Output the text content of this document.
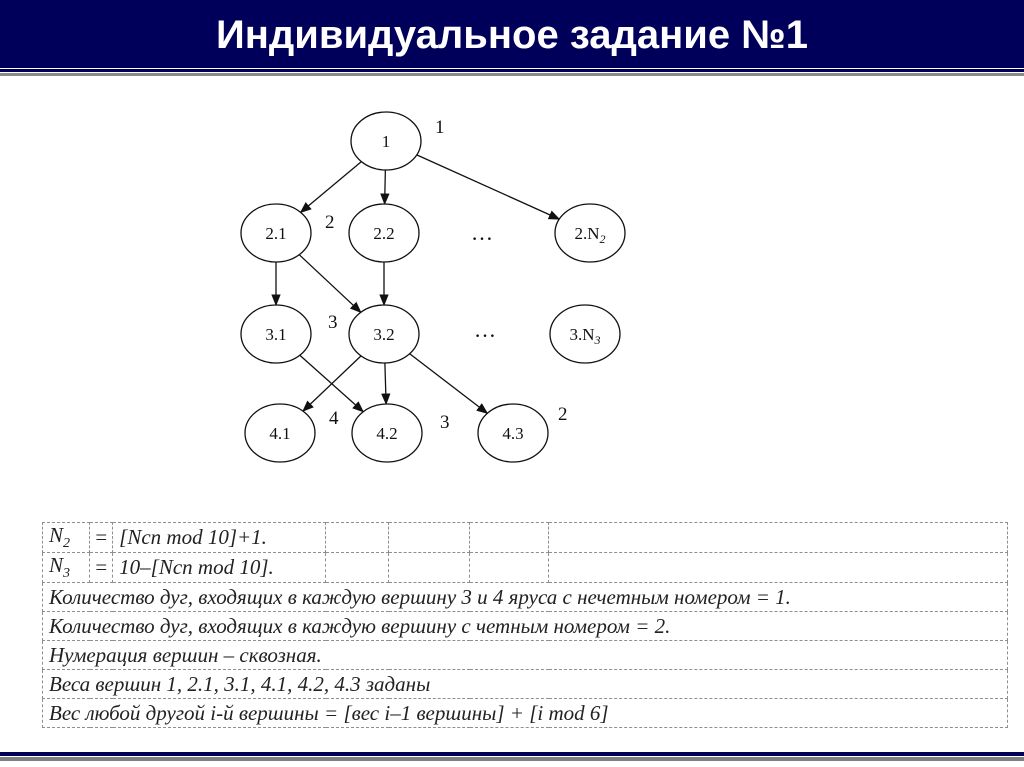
Индивидуальное задание №1
1
2.1	2.2	$2.N_2$
3.1	3.2	$3.N_3$
4.1	4.2	4.3
1
2
3
4	3	2
…
…
$N_2$	=	[Nсп mod 10]+1.				
$N_3$	=	10–[Nсп mod 10].				
Количество дуг, входящих в каждую вершину 3 и 4 яруса с нечетным номером = 1.						
Количество дуг, входящих в каждую вершину с четным номером = 2.						
Нумерация вершин – сквозная.						
Веса вершин 1, 2.1, 3.1, 4.1, 4.2, 4.3 заданы						
Вес любой другой i-й вершины = [вес i–1 вершины] + [i mod 6]						
